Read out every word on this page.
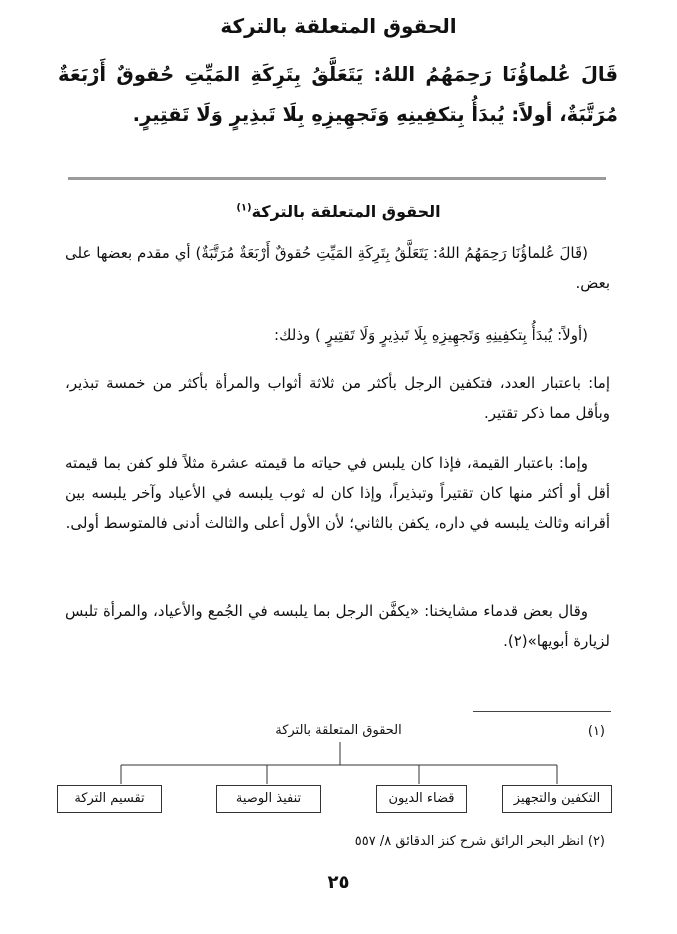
الحقوق المتعلقة بالتركة
قَالَ عُلماؤُنَا رَحِمَهُمُ اللهُ: يَتَعَلَّقُ بِتَرِكَةِ المَيِّتِ حُقوقٌ أَرْبَعَةٌ مُرَتَّبَةٌ، أولاً: يُبدَأُ بِتكفِينِهِ وَتَجهِيزِهِ بِلَا تَبذِيرٍ وَلَا تَقتِيرٍ.
الحقوق المتعلقة بالتركة$^{(١)}$
(قَالَ عُلماؤُنَا رَحِمَهُمُ اللهُ: يَتَعَلَّقُ بِتَرِكَةِ المَيِّتِ حُقوقٌ أَرْبَعَةٌ مُرَتَّبَةٌ) أي مقدم بعضها على بعض.
(أولاً: يُبدَأُ بِتكفِينِهِ وَتَجهِيزِهِ بِلَا تَبذِيرٍ وَلَا تَقتِيرٍ ) وذلك:
إما: باعتبار العدد، فتكفين الرجل بأكثر من ثلاثة أثواب والمرأة بأكثر من خمسة تبذير، وبأقل مما ذكر تقتير.
وإما: باعتبار القيمة، فإذا كان يلبس في حياته ما قيمته عشرة مثلاً فلو كفن بما قيمته أقل أو أكثر منها كان تقتيراً وتبذيراً، وإذا كان له ثوب يلبسه في الأعياد وآخر يلبسه بين أقرانه وثالث يلبسه في داره، يكفن بالثاني؛ لأن الأول أعلى والثالث أدنى فالمتوسط أولى.
وقال بعض قدماء مشايخنا: «يكفَّن الرجل بما يلبسه في الجُمع والأعياد، والمرأة تلبس لزيارة أبويها»(٢).
(١)
الحقوق المتعلقة بالتركة
التكفين والتجهيز
قضاء الديون
تنفيذ الوصية
تقسيم التركة
(٢) انظر البحر الرائق شرح كنز الدقائق ٨/ ٥٥٧
٢٥
